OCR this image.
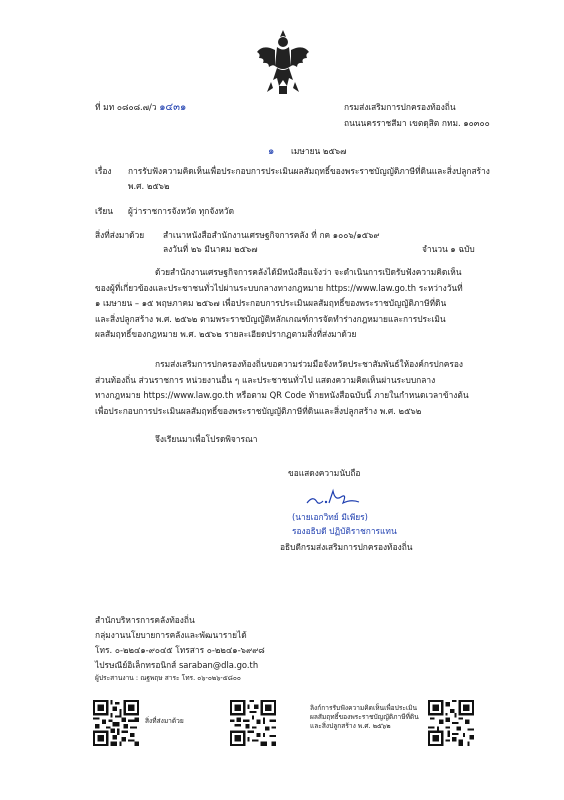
ที่ มท ๐๘๐๘.๗/ว ๑๔๓๑	กรมส่งเสริมการปกครองท้องถิ่น
ถนนนครราชสีมา เขตดุสิต กทม. ๑๐๓๐๐
๑ เมษายน ๒๕๖๗
เรื่อง การรับฟังความคิดเห็นเพื่อประกอบการประเมินผลสัมฤทธิ์ของพระราชบัญญัติภาษีที่ดินและสิ่งปลูกสร้าง
พ.ศ. ๒๕๖๒
เรียน ผู้ว่าราชการจังหวัด ทุกจังหวัด
สิ่งที่ส่งมาด้วย สำเนาหนังสือสำนักงานเศรษฐกิจการคลัง ที่ กค ๑๐๐๖/๑๕๖๙
ลงวันที่ ๒๖ มีนาคม ๒๕๖๗	จำนวน ๑ ฉบับ
ด้วยสำนักงานเศรษฐกิจการคลังได้มีหนังสือแจ้งว่า จะดำเนินการเปิดรับฟังความคิดเห็น
ของผู้ที่เกี่ยวข้องและประชาชนทั่วไปผ่านระบบกลางทางกฎหมาย https://www.law.go.th ระหว่างวันที่
๑ เมษายน – ๑๕ พฤษภาคม ๒๕๖๗ เพื่อประกอบการประเมินผลสัมฤทธิ์ของพระราชบัญญัติภาษีที่ดิน
และสิ่งปลูกสร้าง พ.ศ. ๒๕๖๒ ตามพระราชบัญญัติหลักเกณฑ์การจัดทำร่างกฎหมายและการประเมิน
ผลสัมฤทธิ์ของกฎหมาย พ.ศ. ๒๕๖๒ รายละเอียดปรากฏตามสิ่งที่ส่งมาด้วย
กรมส่งเสริมการปกครองท้องถิ่นขอความร่วมมือจังหวัดประชาสัมพันธ์ให้องค์กรปกครอง
ส่วนท้องถิ่น ส่วนราชการ หน่วยงานอื่น ๆ และประชาชนทั่วไป แสดงความคิดเห็นผ่านระบบกลาง
ทางกฎหมาย https://www.law.go.th หรือตาม QR Code ท้ายหนังสือฉบับนี้ ภายในกำหนดเวลาข้างต้น
เพื่อประกอบการประเมินผลสัมฤทธิ์ของพระราชบัญญัติภาษีที่ดินและสิ่งปลูกสร้าง พ.ศ. ๒๕๖๒
จึงเรียนมาเพื่อโปรดพิจารณา
ขอแสดงความนับถือ
(นายเอกวิทย์ มีเพียร)
รองอธิบดี ปฏิบัติราชการแทน
อธิบดีกรมส่งเสริมการปกครองท้องถิ่น
สำนักบริหารการคลังท้องถิ่น
กลุ่มงานนโยบายการคลังและพัฒนารายได้
โทร. ๐-๒๒๔๑-๙๐๔๕ โทรสาร ๐-๒๒๔๑-๖๙๙๘
ไปรษณีย์อิเล็กทรอนิกส์ saraban@dla.go.th
ผู้ประสานงาน : ณฐพฤษ สาระ โทร. ๐๖-๐๒๖-๕๘๐๐
สิ่งที่ส่งมาด้วย
ลิงก์การรับฟังความคิดเห็นเพื่อประเมิน
ผลสัมฤทธิ์ของพระราชบัญญัติภาษีที่ดิน
และสิ่งปลูกสร้าง พ.ศ. ๒๕๖๒
